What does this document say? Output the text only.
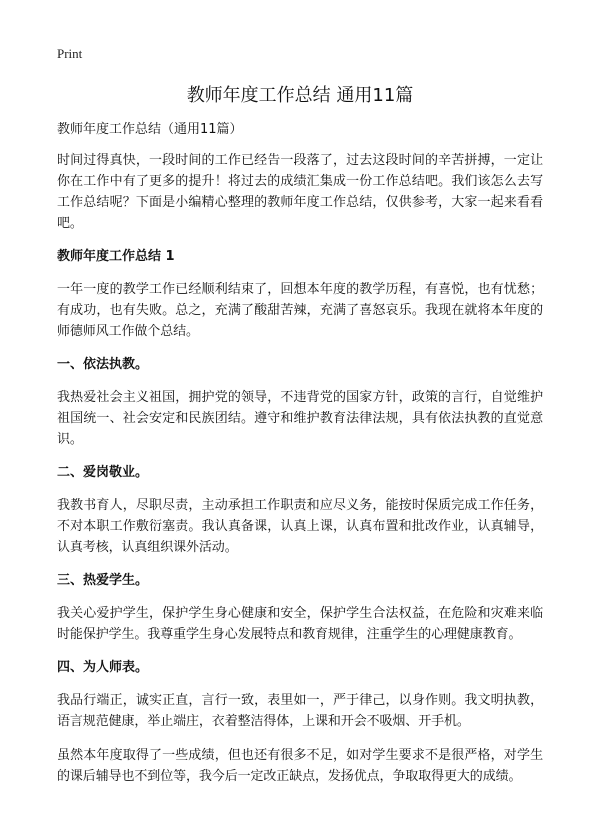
Print
教师年度工作总结 通用11篇
教师年度工作总结（通用11篇）

时间过得真快，一段时间的工作已经告一段落了，过去这段时间的辛苦拼搏，一定让你在工作中有了更多的提升！将过去的成绩汇集成一份工作总结吧。我们该怎么去写工作总结呢？下面是小编精心整理的教师年度工作总结，仅供参考，大家一起来看看吧。

教师年度工作总结 1

一年一度的教学工作已经顺利结束了，回想本年度的教学历程，有喜悦，也有忧愁；有成功，也有失败。总之，充满了酸甜苦辣，充满了喜怒哀乐。我现在就将本年度的师德师风工作做个总结。

一、依法执教。

我热爱社会主义祖国，拥护党的领导，不违背党的国家方针，政策的言行，自觉维护祖国统一、社会安定和民族团结。遵守和维护教育法律法规，具有依法执教的直觉意识。

二、爱岗敬业。

我教书育人，尽职尽责，主动承担工作职责和应尽义务，能按时保质完成工作任务，不对本职工作敷衍塞责。我认真备课，认真上课，认真布置和批改作业，认真辅导，认真考核，认真组织课外活动。

三、热爱学生。

我关心爱护学生，保护学生身心健康和安全，保护学生合法权益，在危险和灾难来临时能保护学生。我尊重学生身心发展特点和教育规律，注重学生的心理健康教育。

四、为人师表。

我品行端正，诚实正直，言行一致，表里如一，严于律己，以身作则。我文明执教，语言规范健康，举止端庄，衣着整洁得体，上课和开会不吸烟、开手机。

虽然本年度取得了一些成绩，但也还有很多不足，如对学生要求不是很严格，对学生的课后辅导也不到位等，我今后一定改正缺点，发扬优点，争取取得更大的成绩。
